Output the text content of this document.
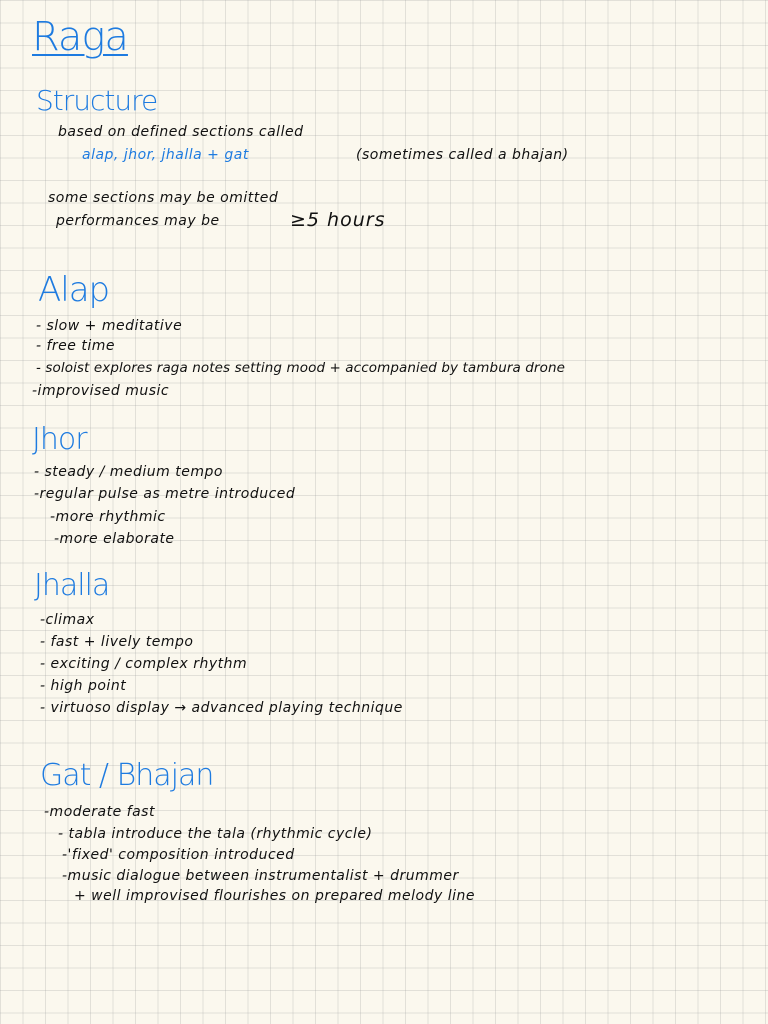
Raga
Structure
based on defined sections called
alap, jhor, jhalla + gat	(sometimes called a bhajan)
some sections may be omitted
performances may be	≥5 hours
Alap
- slow + meditative
- free time
- soloist explores raga notes setting mood + accompanied by tambura drone
-improvised music
Jhor
- steady / medium tempo
-regular pulse as metre introduced
-more rhythmic
-more elaborate
Jhalla
-climax
- fast + lively tempo
- exciting / complex rhythm
- high point
- virtuoso display → advanced playing technique
Gat / Bhajan
-moderate fast
- tabla introduce the tala (rhythmic cycle)
-'fixed' composition introduced
-music dialogue between instrumentalist + drummer
+ well improvised flourishes on prepared melody line
